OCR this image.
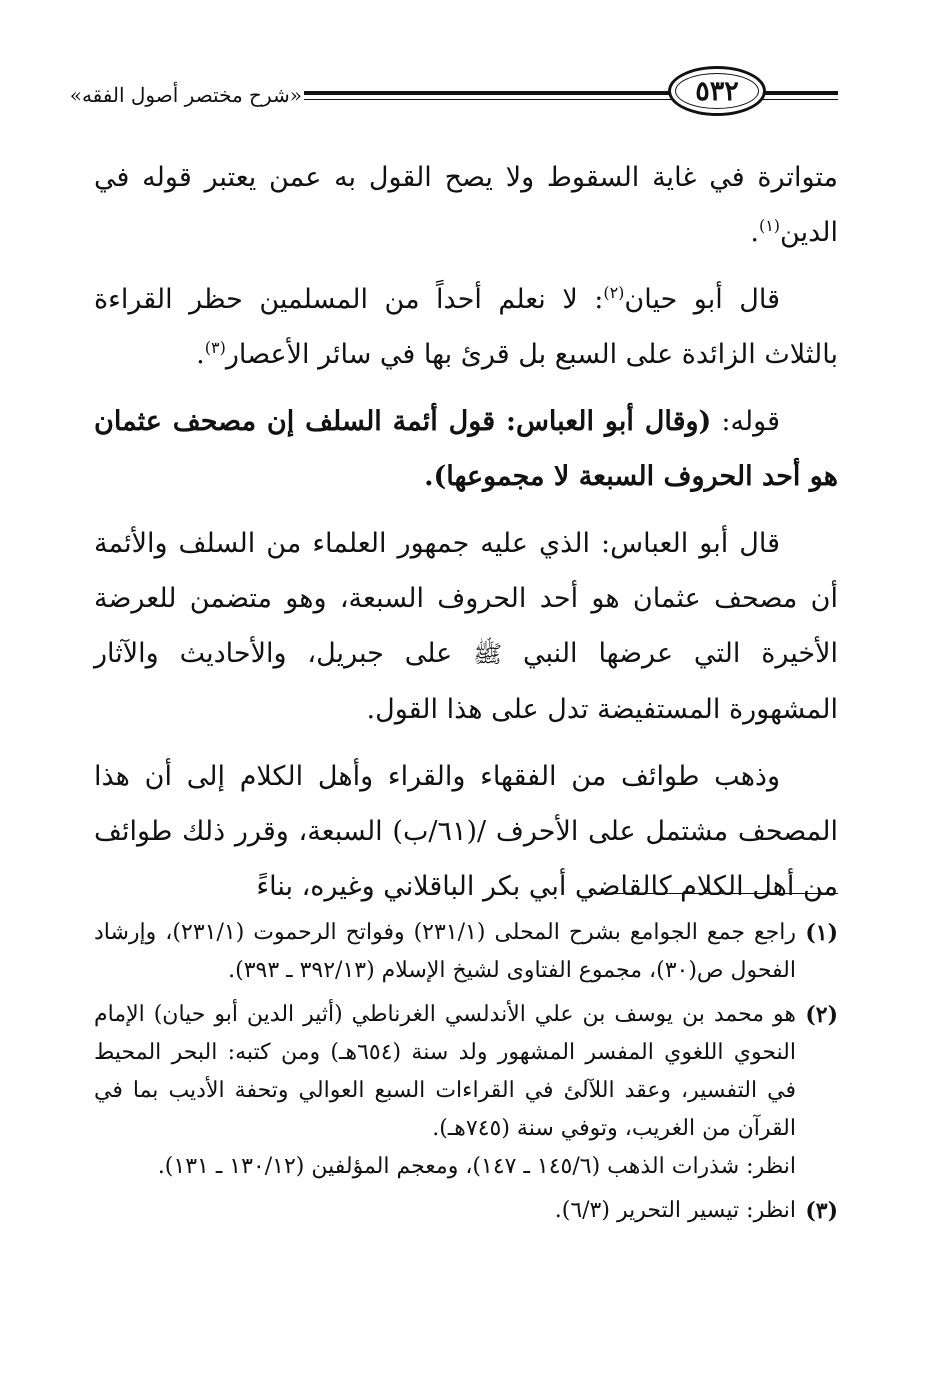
«شرح مختصر أصول الفقه»	٥٣٢

متواترة في غاية السقوط ولا يصح القول به عمن يعتبر قوله في الدين$^{(١)}$.

قال أبو حيان$^{(٢)}$: لا نعلم أحداً من المسلمين حظر القراءة بالثلاث الزائدة على السبع بل قرئ بها في سائر الأعصار$^{(٣)}$.

قوله: (وقال أبو العباس: قول أئمة السلف إن مصحف عثمان هو أحد الحروف السبعة لا مجموعها).

قال أبو العباس: الذي عليه جمهور العلماء من السلف والأئمة أن مصحف عثمان هو أحد الحروف السبعة، وهو متضمن للعرضة الأخيرة التي عرضها النبي ﷺ على جبريل، والأحاديث والآثار المشهورة المستفيضة تدل على هذا القول.

وذهب طوائف من الفقهاء والقراء وأهل الكلام إلى أن هذا المصحف مشتمل على الأحرف /(٦١/ب) السبعة، وقرر ذلك طوائف من أهل الكلام كالقاضي أبي بكر الباقلاني وغيره، بناءً

(١)
راجع جمع الجوامع بشرح المحلى (٢٣١/١) وفواتح الرحموت (٢٣١/١)، وإرشاد الفحول ص(٣٠)، مجموع الفتاوى لشيخ الإسلام (٣٩٢/١٣ ـ ٣٩٣).
(٢)

هو محمد بن يوسف بن علي الأندلسي الغرناطي (أثير الدين أبو حيان) الإمام النحوي اللغوي المفسر المشهور ولد سنة (٦٥٤هـ) ومن كتبه: البحر المحيط في التفسير، وعقد اللآلئ في القراءات السبع العوالي وتحفة الأديب بما في القرآن من الغريب، وتوفي سنة (٧٤٥هـ).

انظر: شذرات الذهب (١٤٥/٦ ـ ١٤٧)، ومعجم المؤلفين (١٣٠/١٢ ـ ١٣١).

(٣)
انظر: تيسير التحرير (٦/٣).
